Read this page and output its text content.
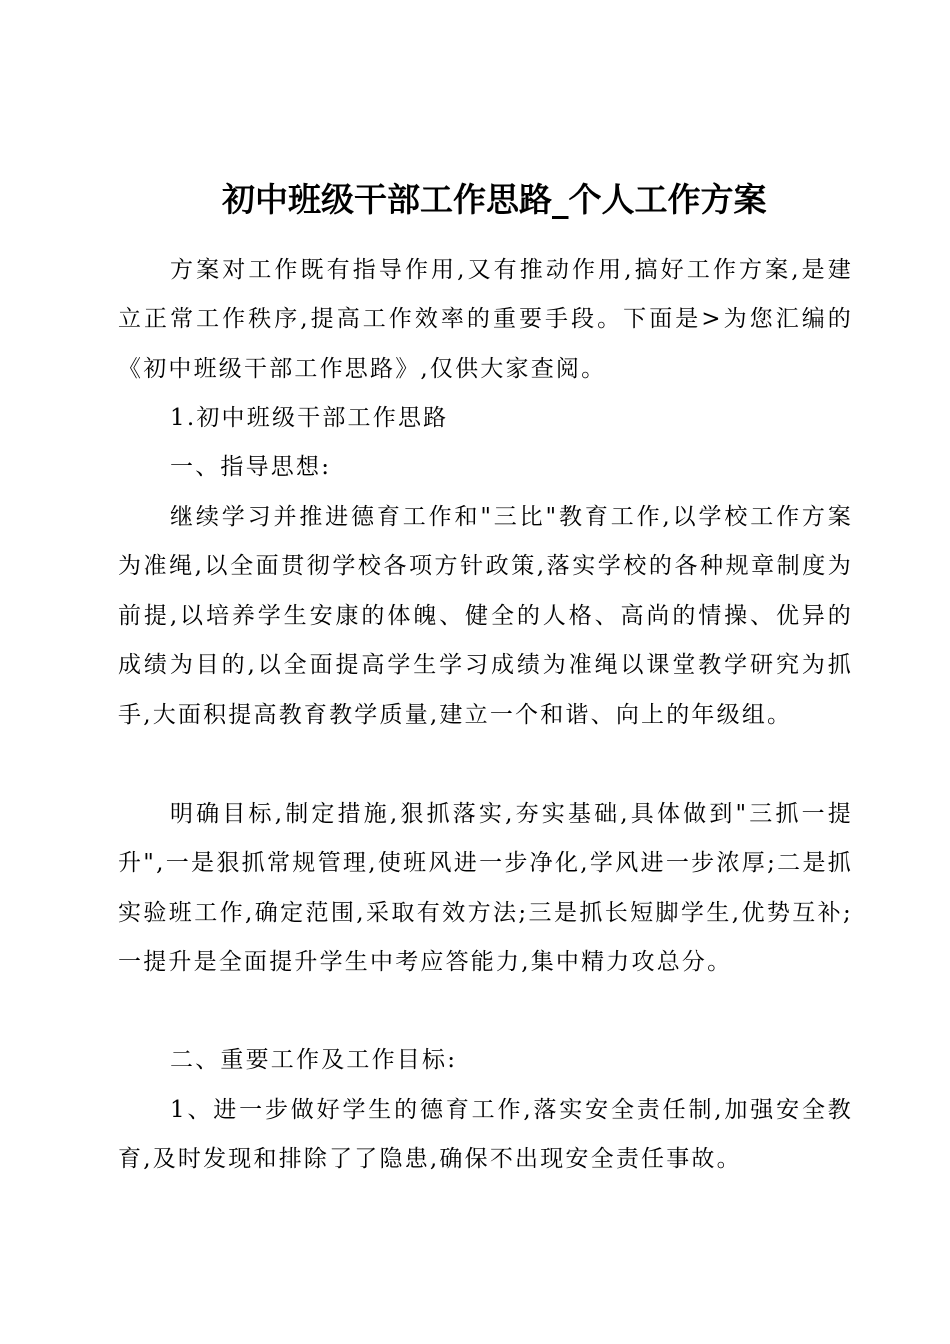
初中班级干部工作思路_个人工作方案
方案对工作既有指导作用,又有推动作用,搞好工作方案,是建立正常工作秩序,提高工作效率的重要手段。下面是>为您汇编的《初中班级干部工作思路》,仅供大家查阅。
1.初中班级干部工作思路
一、指导思想:
继续学习并推进德育工作和"三比"教育工作,以学校工作方案为准绳,以全面贯彻学校各项方针政策,落实学校的各种规章制度为前提,以培养学生安康的体魄、健全的人格、高尚的情操、优异的成绩为目的,以全面提高学生学习成绩为准绳以课堂教学研究为抓手,大面积提高教育教学质量,建立一个和谐、向上的年级组。
明确目标,制定措施,狠抓落实,夯实基础,具体做到"三抓一提升",一是狠抓常规管理,使班风进一步净化,学风进一步浓厚;二是抓实验班工作,确定范围,采取有效方法;三是抓长短脚学生,优势互补;一提升是全面提升学生中考应答能力,集中精力攻总分。
二、重要工作及工作目标:
1、进一步做好学生的德育工作,落实安全责任制,加强安全教育,及时发现和排除了了隐患,确保不出现安全责任事故。
